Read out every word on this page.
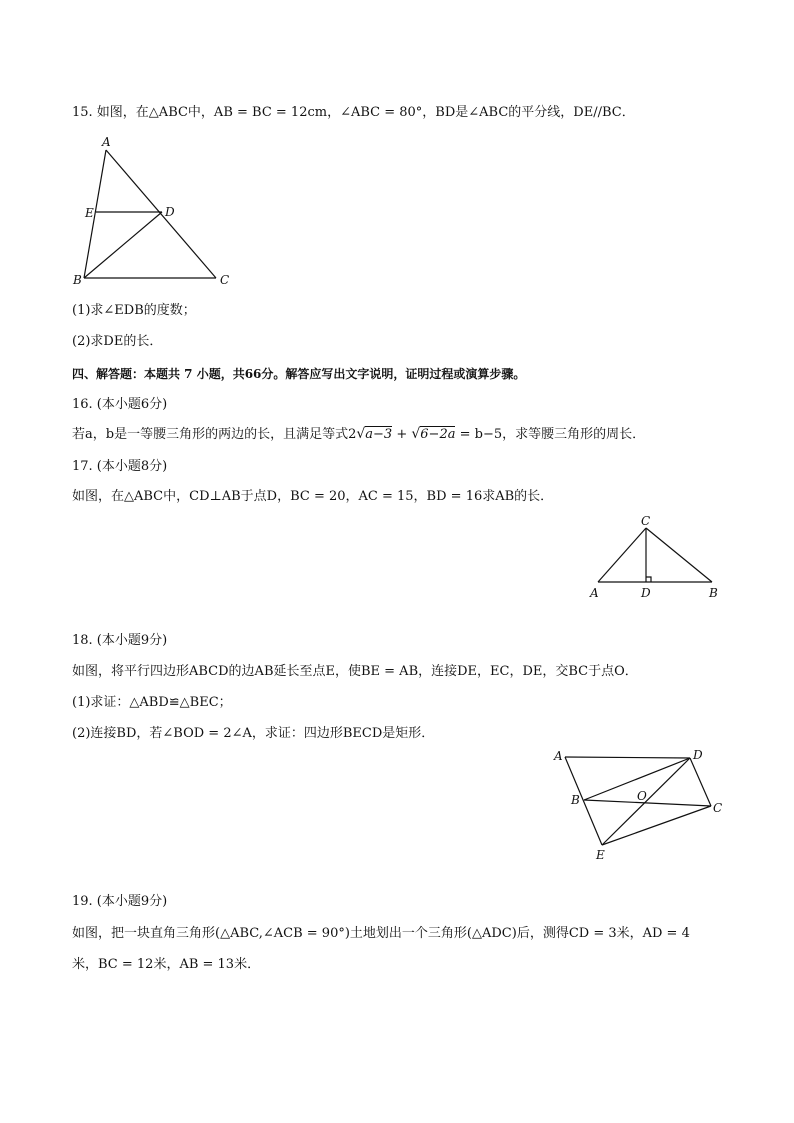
15. 如图，在△ABC中，AB = BC = 12cm，∠ABC = 80°，BD是∠ABC的平分线，DE//BC．
A
E	D
B	C
(1)求∠EDB的度数；
(2)求DE的长．
四、解答题：本题共 7 小题，共66分。解答应写出文字说明，证明过程或演算步骤。
16. (本小题6分)
若a，b是一等腰三角形的两边的长，且满足等式2√a−3 + √6−2a = b−5，求等腰三角形的周长．
17. (本小题8分)
如图，在△ABC中，CD⊥AB于点D，BC = 20，AC = 15，BD = 16求AB的长．
C
A	D	B
18. (本小题9分)
如图，将平行四边形ABCD的边AB延长至点E，使BE = AB，连接DE，EC，DE，交BC于点O．
(1)求证：△ABD≌△BEC；
(2)连接BD，若∠BOD = 2∠A，求证：四边形BECD是矩形．
A	D
B	O
C
E
19. (本小题9分)
如图，把一块直角三角形(△ABC,∠ACB = 90°)土地划出一个三角形(△ADC)后，测得CD = 3米，AD = 4
米，BC = 12米，AB = 13米．
